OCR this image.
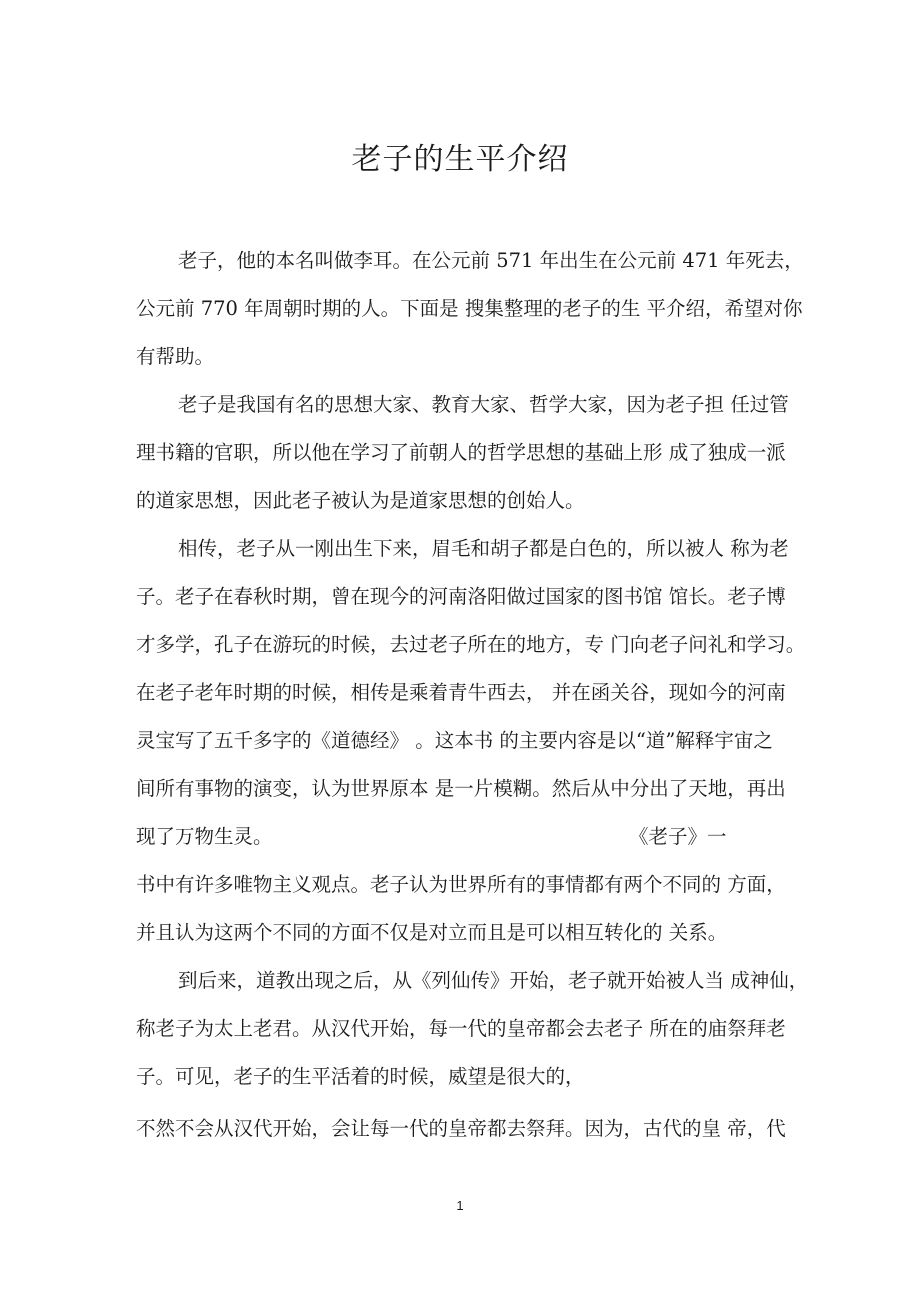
老子的生平介绍
老子，他的本名叫做李耳。在公元前 571 年出生在公元前 471 年死去，
公元前 770 年周朝时期的人。下面是 搜集整理的老子的生 平介绍，希望对你
有帮助。
老子是我国有名的思想大家、教育大家、哲学大家，因为老子担 任过管
理书籍的官职，所以他在学习了前朝人的哲学思想的基础上形 成了独成一派
的道家思想，因此老子被认为是道家思想的创始人。
相传，老子从一刚出生下来，眉毛和胡子都是白色的，所以被人 称为老
子。老子在春秋时期，曾在现今的河南洛阳做过国家的图书馆 馆长。老子博
才多学，孔子在游玩的时候，去过老子所在的地方，专 门向老子问礼和学习。
在老子老年时期的时候，相传是乘着青牛西去， 并在函关谷，现如今的河南
灵宝写了五千多字的《道德经》 。这本书 的主要内容是以“道”解释宇宙之
间所有事物的演变，认为世界原本 是一片模糊。然后从中分出了天地，再出
现了万物生灵。	《老子》一
书中有许多唯物主义观点。老子认为世界所有的事情都有两个不同的 方面，
并且认为这两个不同的方面不仅是对立而且是可以相互转化的 关系。
到后来，道教出现之后，从《列仙传》开始，老子就开始被人当 成神仙，
称老子为太上老君。从汉代开始，每一代的皇帝都会去老子 所在的庙祭拜老
子。可见，老子的生平活着的时候，威望是很大的，
不然不会从汉代开始，会让每一代的皇帝都去祭拜。因为，古代的皇 帝，代
1
